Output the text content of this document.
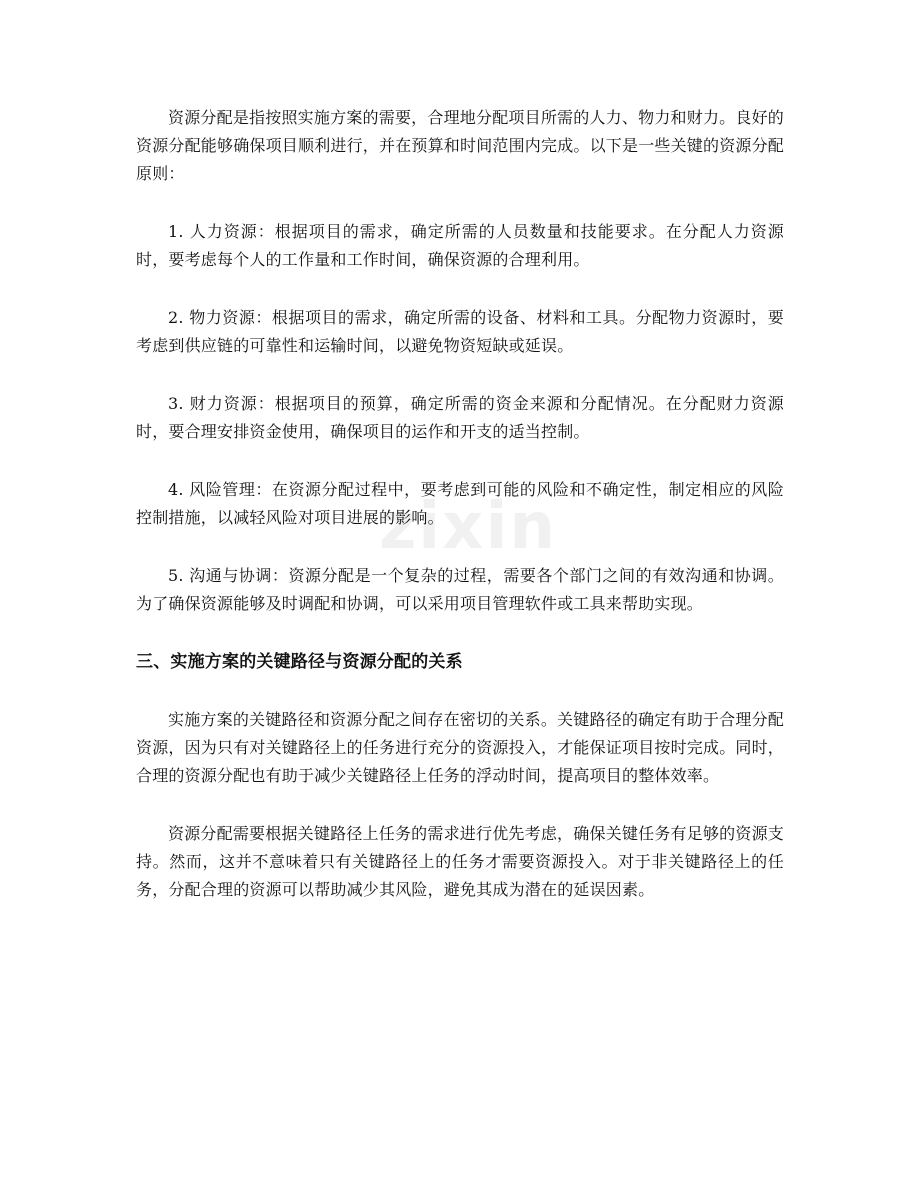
zixin

资源分配是指按照实施方案的需要，合理地分配项目所需的人力、物力和财力。良好的资源分配能够确保项目顺利进行，并在预算和时间范围内完成。以下是一些关键的资源分配原则：

1. 人力资源：根据项目的需求，确定所需的人员数量和技能要求。在分配人力资源时，要考虑每个人的工作量和工作时间，确保资源的合理利用。

2. 物力资源：根据项目的需求，确定所需的设备、材料和工具。分配物力资源时，要考虑到供应链的可靠性和运输时间，以避免物资短缺或延误。

3. 财力资源：根据项目的预算，确定所需的资金来源和分配情况。在分配财力资源时，要合理安排资金使用，确保项目的运作和开支的适当控制。

4. 风险管理：在资源分配过程中，要考虑到可能的风险和不确定性，制定相应的风险控制措施，以减轻风险对项目进展的影响。

5. 沟通与协调：资源分配是一个复杂的过程，需要各个部门之间的有效沟通和协调。为了确保资源能够及时调配和协调，可以采用项目管理软件或工具来帮助实现。

三、实施方案的关键路径与资源分配的关系

实施方案的关键路径和资源分配之间存在密切的关系。关键路径的确定有助于合理分配资源，因为只有对关键路径上的任务进行充分的资源投入，才能保证项目按时完成。同时，合理的资源分配也有助于减少关键路径上任务的浮动时间，提高项目的整体效率。

资源分配需要根据关键路径上任务的需求进行优先考虑，确保关键任务有足够的资源支持。然而，这并不意味着只有关键路径上的任务才需要资源投入。对于非关键路径上的任务，分配合理的资源可以帮助减少其风险，避免其成为潜在的延误因素。
